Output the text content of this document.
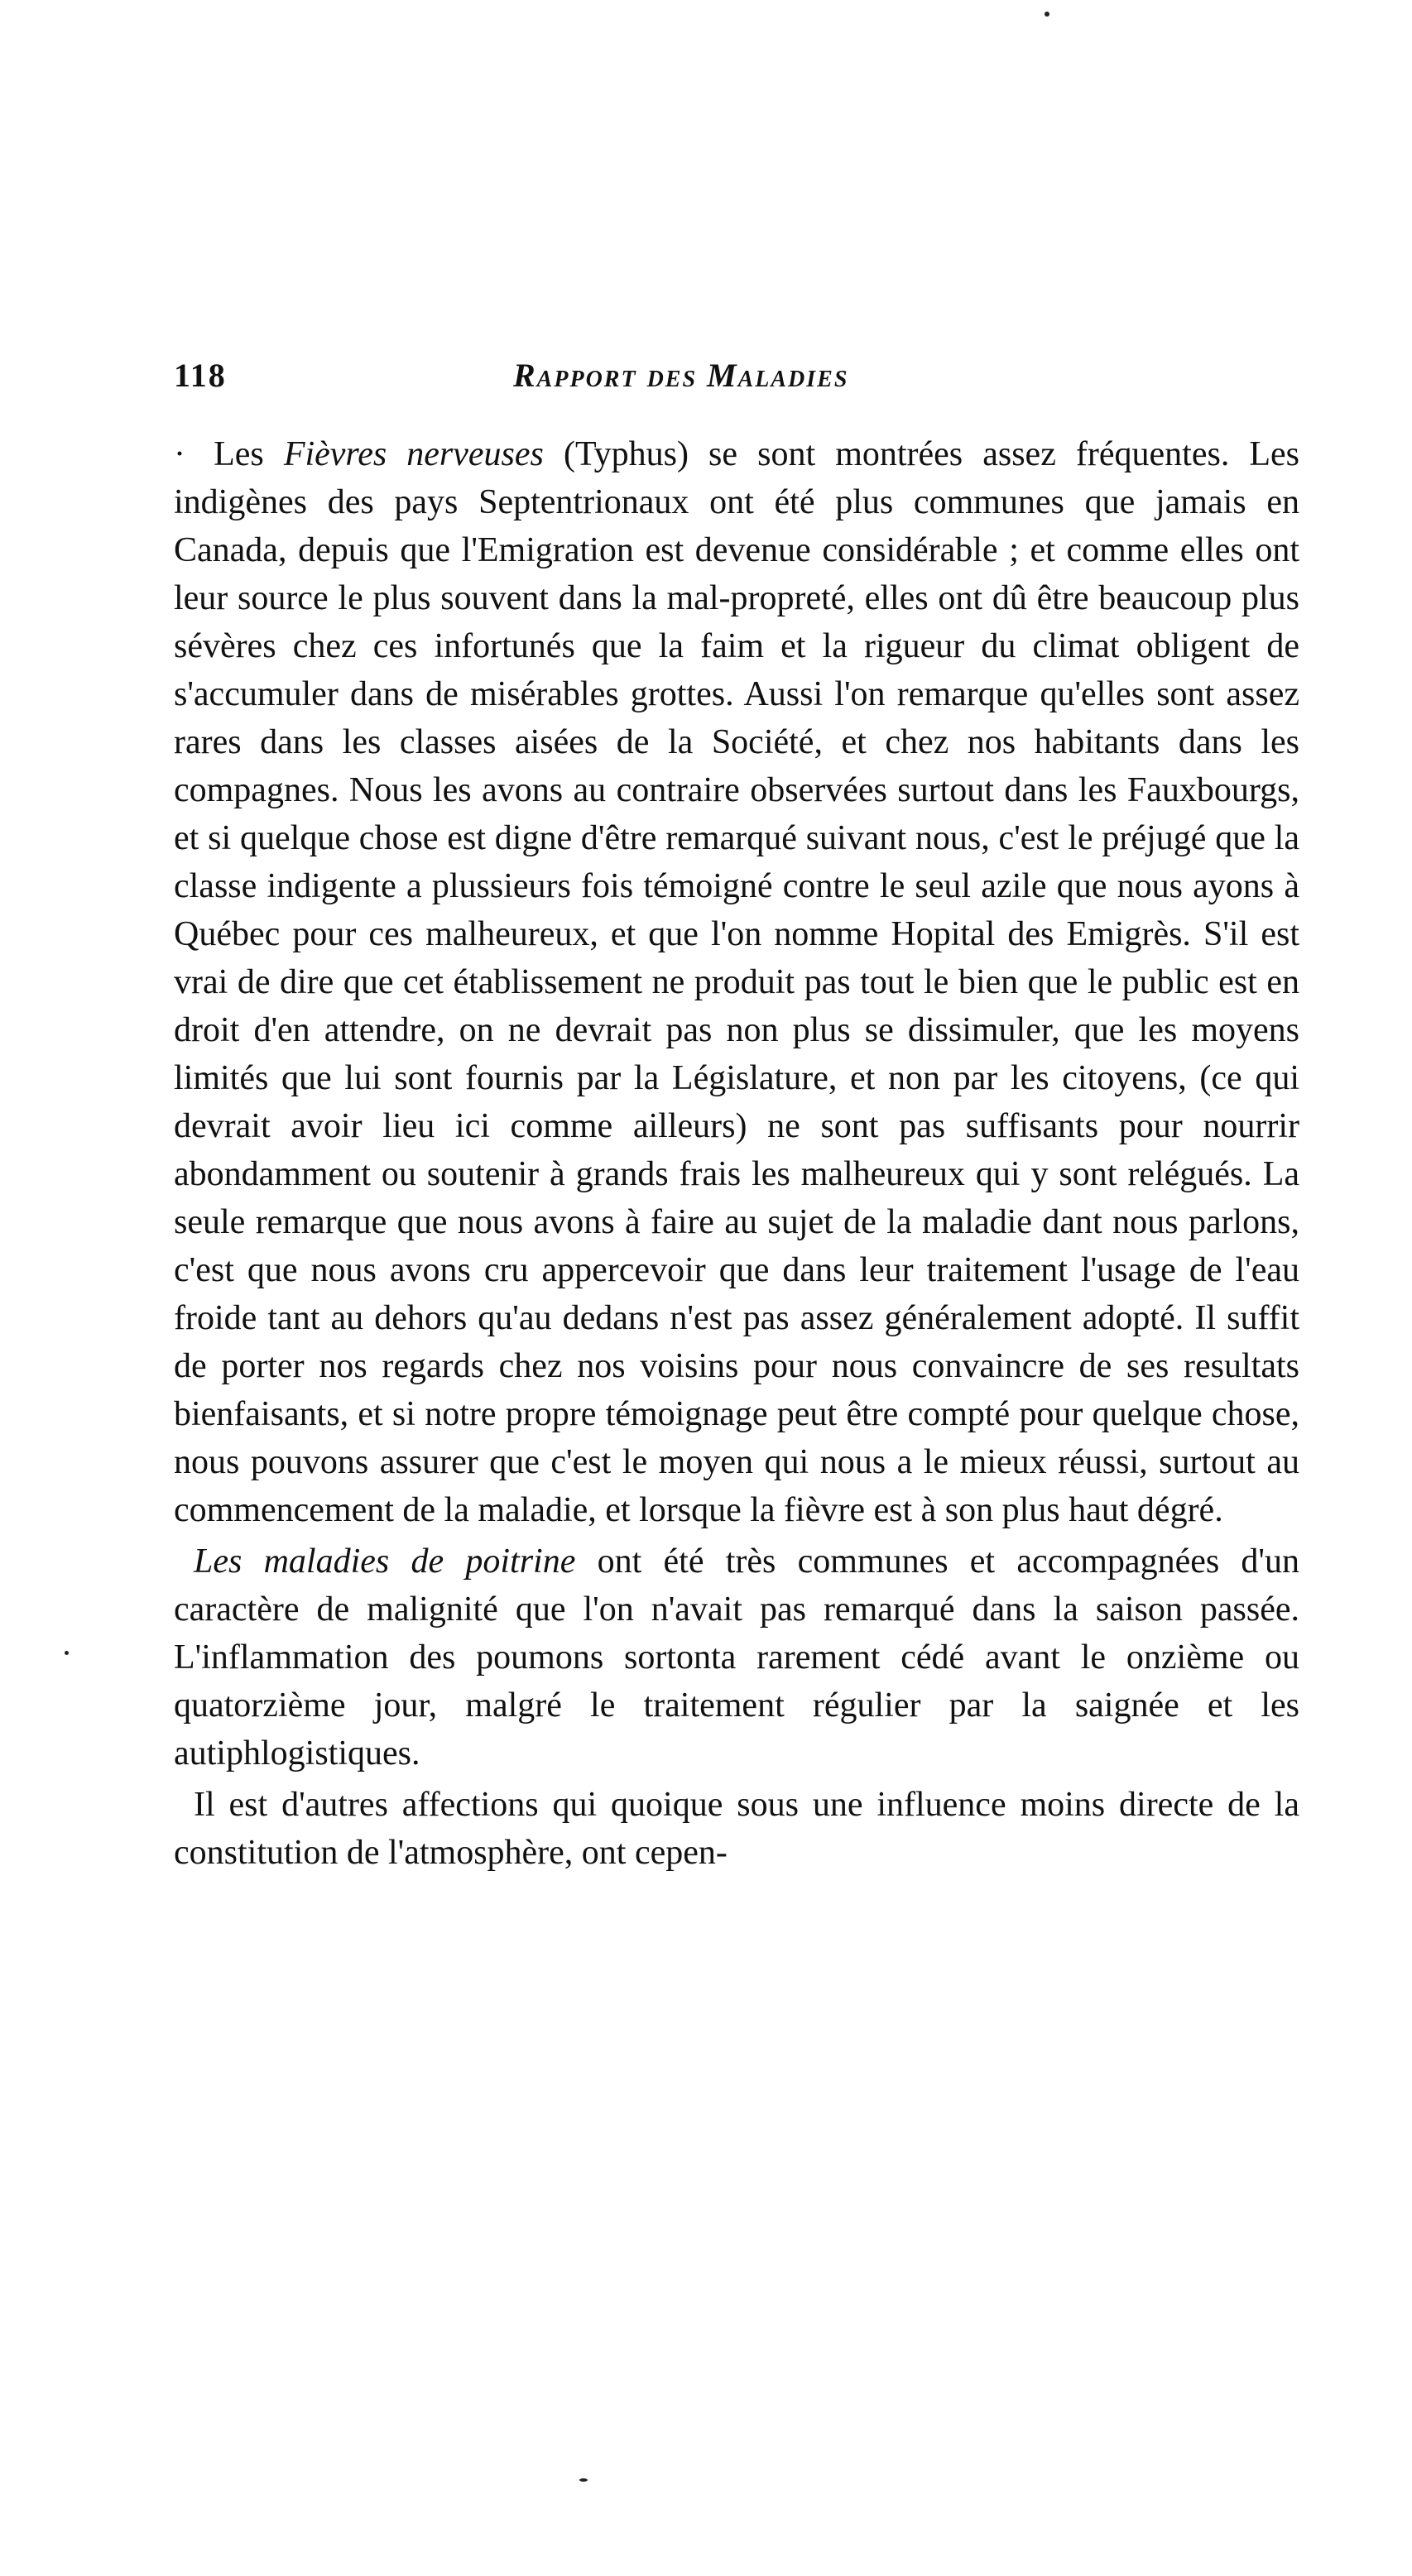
118	Rapport des Maladies

· Les Fièvres nerveuses (Typhus) se sont montrées assez fréquentes. Les indigènes des pays Septentrionaux ont été plus communes que jamais en Canada, depuis que l'Emigration est devenue considérable ; et comme elles ont leur source le plus souvent dans la mal-propreté, elles ont dû être beaucoup plus sévères chez ces infortunés que la faim et la rigueur du climat obligent de s'accumuler dans de misérables grottes. Aussi l'on remarque qu'elles sont assez rares dans les classes aisées de la Société, et chez nos habitants dans les compagnes. Nous les avons au contraire observées surtout dans les Fauxbourgs, et si quelque chose est digne d'être remarqué suivant nous, c'est le préjugé que la classe indigente a plussieurs fois témoigné contre le seul azile que nous ayons à Québec pour ces malheureux, et que l'on nomme Hopital des Emigrès. S'il est vrai de dire que cet établissement ne produit pas tout le bien que le public est en droit d'en attendre, on ne devrait pas non plus se dissimuler, que les moyens limités que lui sont fournis par la Législature, et non par les citoyens, (ce qui devrait avoir lieu ici comme ailleurs) ne sont pas suffisants pour nourrir abondamment ou soutenir à grands frais les malheureux qui y sont relégués. La seule remarque que nous avons à faire au sujet de la maladie dant nous parlons, c'est que nous avons cru appercevoir que dans leur traitement l'usage de l'eau froide tant au dehors qu'au dedans n'est pas assez généralement adopté. Il suffit de porter nos regards chez nos voisins pour nous convaincre de ses resultats bienfaisants, et si notre propre témoignage peut être compté pour quelque chose, nous pouvons assurer que c'est le moyen qui nous a le mieux réussi, surtout au commencement de la maladie, et lorsque la fièvre est à son plus haut dégré.

Les maladies de poitrine ont été très communes et accompagnées d'un caractère de malignité que l'on n'avait pas remarqué dans la saison passée. L'inflammation des poumons sortonta rarement cédé avant le onzième ou quatorzième jour, malgré le traitement régulier par la saignée et les autiphlogistiques.

Il est d'autres affections qui quoique sous une influence moins directe de la constitution de l'atmosphère, ont cepen-
